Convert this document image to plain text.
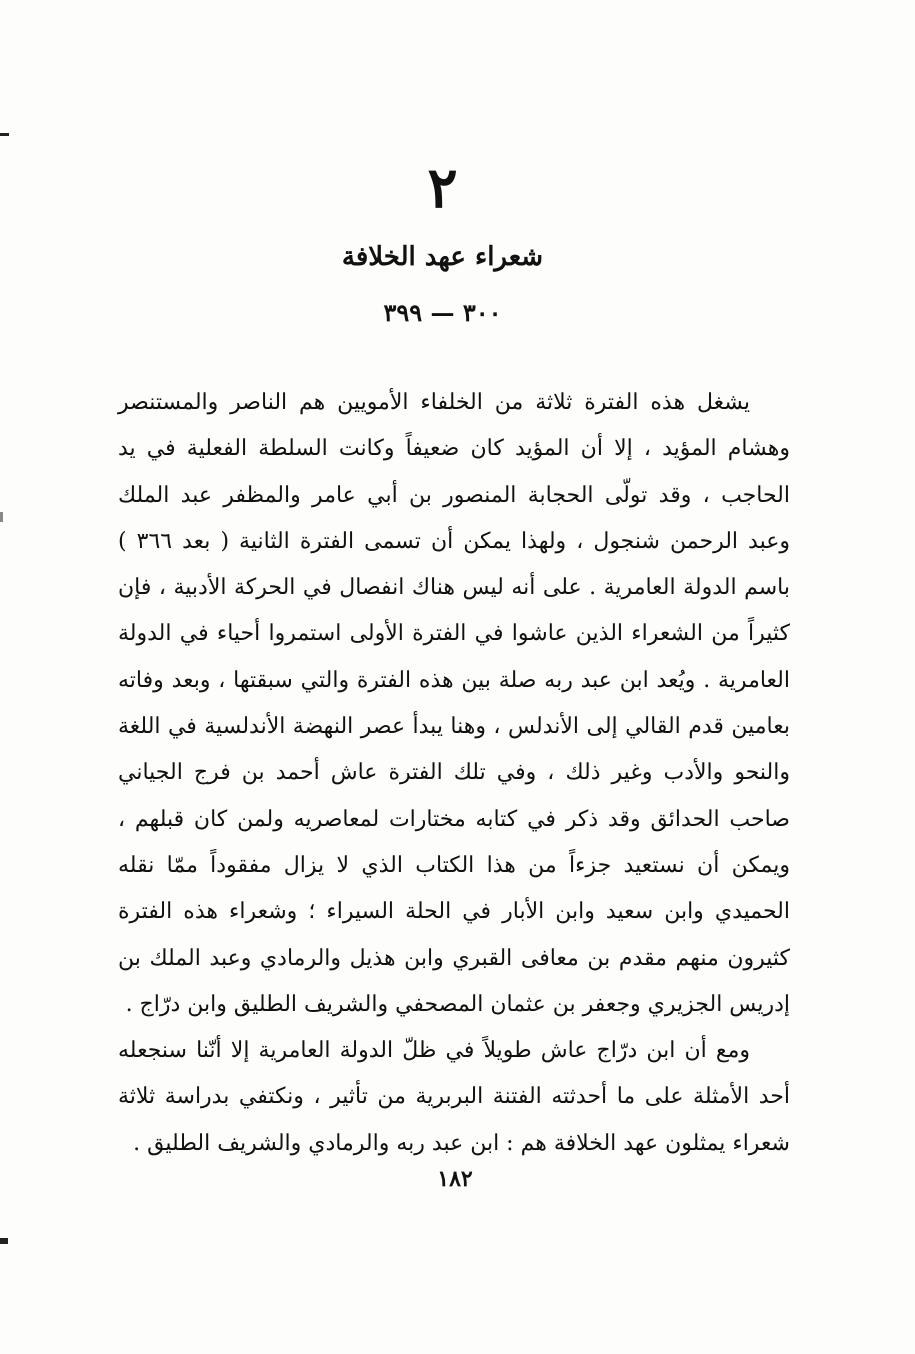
٢
شعراء عهد الخلافة
٣٠٠ — ٣٩٩

يشغل هذه الفترة ثلاثة من الخلفاء الأمويين هم الناصر والمستنصر وهشام المؤيد ، إلا أن المؤيد كان ضعيفاً وكانت السلطة الفعلية في يد الحاجب ، وقد تولّى الحجابة المنصور بن أبي عامر والمظفر عبد الملك وعبد الرحمن شنجول ، ولهذا يمكن أن تسمى الفترة الثانية ( بعد ٣٦٦ ) باسم الدولة العامرية . على أنه ليس هناك انفصال في الحركة الأدبية ، فإن كثيراً من الشعراء الذين عاشوا في الفترة الأولى استمروا أحياء في الدولة العامرية . ويُعد ابن عبد ربه صلة بين هذه الفترة والتي سبقتها ، وبعد وفاته بعامين قدم القالي إلى الأندلس ، وهنا يبدأ عصر النهضة الأندلسية في اللغة والنحو والأدب وغير ذلك ، وفي تلك الفترة عاش أحمد بن فرج الجياني صاحب الحدائق وقد ذكر في كتابه مختارات لمعاصريه ولمن كان قبلهم ، ويمكن أن نستعيد جزءاً من هذا الكتاب الذي لا يزال مفقوداً ممّا نقله الحميدي وابن سعيد وابن الأبار في الحلة السيراء ؛ وشعراء هذه الفترة كثيرون منهم مقدم بن معافى القبري وابن هذيل والرمادي وعبد الملك بن إدريس الجزيري وجعفر بن عثمان المصحفي والشريف الطليق وابن درّاج .

ومع أن ابن درّاج عاش طويلاً في ظلّ الدولة العامرية إلا أنّنا سنجعله أحد الأمثلة على ما أحدثته الفتنة البربرية من تأثير ، ونكتفي بدراسة ثلاثة شعراء يمثلون عهد الخلافة هم : ابن عبد ربه والرمادي والشريف الطليق .

١٨٢
